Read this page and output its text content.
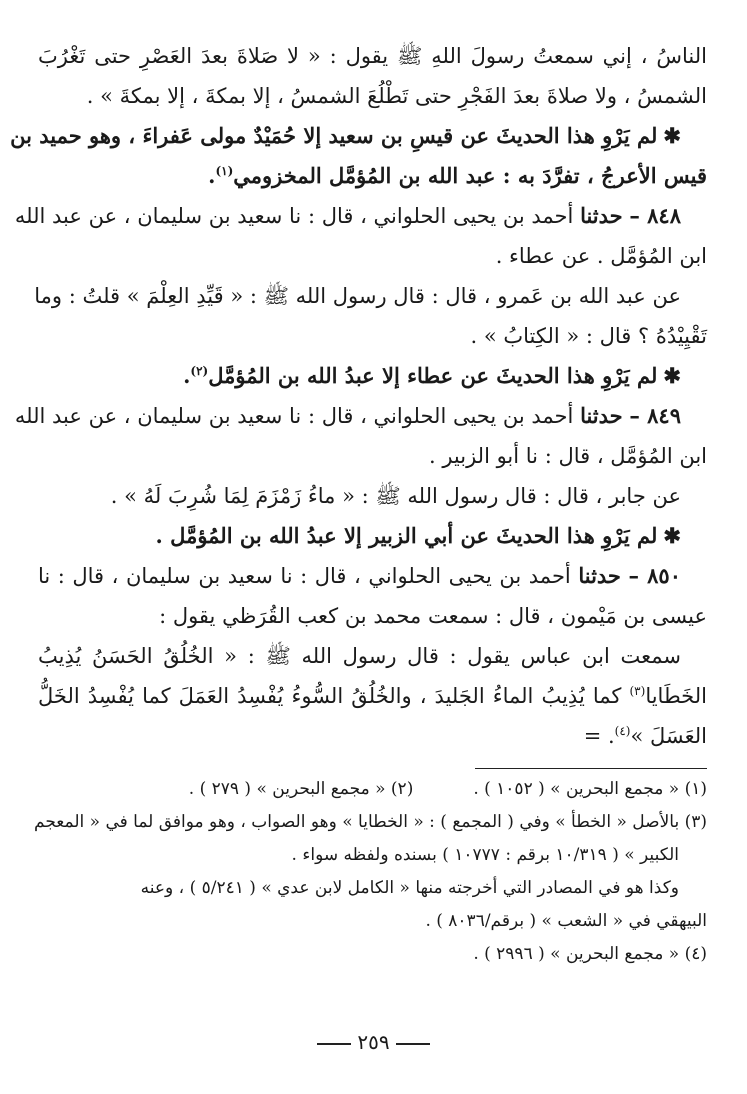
الناسُ ، إني سمعتُ رسولَ اللهِ ﷺ يقول : « لا صَلاةَ بعدَ العَصْرِ حتى تَغْرُبَ
الشمسُ ، ولا صلاةَ بعدَ الفَجْرِ حتى تَطْلُعَ الشمسُ ، إلا بمكةَ ، إلا بمكةَ » .
✱لم يَرْوِ هذا الحديثَ عن قيسِ بن سعيد إلا حُمَيْدٌ مولى عَفراءَ ، وهو حميد بن
قيس الأعرجُ ، تفرَّدَ به : عبد الله بن المُؤمَّل المخزومي$^{(١)}$.
٨٤٨ – حدثنا أحمد بن يحيى الحلواني ، قال : نا سعيد بن سليمان ، عن عبد الله
ابن المُؤمَّل . عن عطاء .
عن عبد الله بن عَمرو ، قال : قال رسول الله ﷺ : « قَيِّدِ العِلْمَ » قلتُ : وما
تَقْيِيْدُهُ ؟ قال : « الكِتابُ » .
✱لم يَرْوِ هذا الحديثَ عن عطاء إلا عبدُ الله بن المُؤمَّل$^{(٢)}$.
٨٤٩ – حدثنا أحمد بن يحيى الحلواني ، قال : نا سعيد بن سليمان ، عن عبد الله
ابن المُؤمَّل ، قال : نا أبو الزبير .
عن جابر ، قال : قال رسول الله ﷺ : « ماءُ زَمْزَمَ لِمَا شُرِبَ لَهُ » .
✱لم يَرْوِ هذا الحديثَ عن أبي الزبير إلا عبدُ الله بن المُؤمَّل .
٨٥٠ – حدثنا أحمد بن يحيى الحلواني ، قال : نا سعيد بن سليمان ، قال : نا
عيسى بن مَيْمون ، قال : سمعت محمد بن كعب القُرَظي يقول :
سمعت ابن عباس يقول : قال رسول الله ﷺ : « الخُلُقُ الحَسَنُ يُذِيبُ
الخَطَايا$^{(٣)}$ كما يُذِيبُ الماءُ الجَليدَ ، والخُلُقُ السُّوءُ يُفْسِدُ العَمَلَ كما يُفْسِدُ الخَلُّ
العَسَلَ »$^{(٤)}$. =
(١) « مجمع البحرين » ( ١٠٥٢ ) .(٢) « مجمع البحرين » ( ٢٧٩ ) .
(٣) بالأصل « الخطأ » وفي ( المجمع ) : « الخطايا » وهو الصواب ، وهو موافق لما في « المعجم
الكبير » ( ١٠/٣١٩ برقم : ١٠٧٧٧ ) بسنده ولفظه سواء .
وكذا هو في المصادر التي أخرجته منها « الكامل لابن عدي » ( ٥/٢٤١ ) ، وعنه
البيهقي في « الشعب » ( برقم/٨٠٣٦ ) .
(٤) « مجمع البحرين » ( ٢٩٩٦ ) .
٢٥٩
